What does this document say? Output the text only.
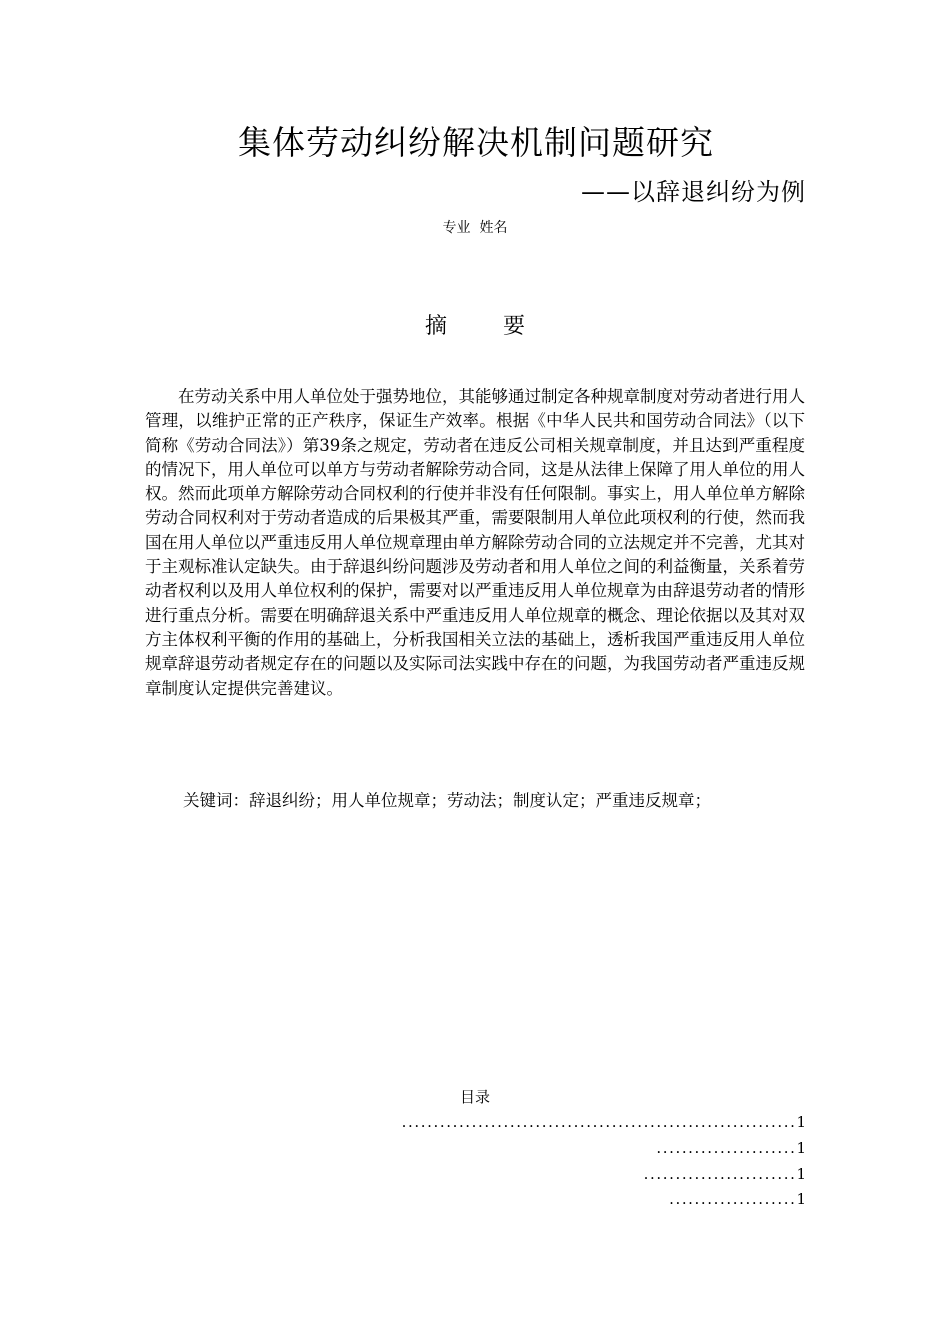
集体劳动纠纷解决机制问题研究
——以辞退纠纷为例
专业  姓名
摘  要

在劳动关系中用人单位处于强势地位，其能够通过制定各种规章制度对劳动者进行用人管理，以维护正常的正产秩序，保证生产效率。根据《中华人民共和国劳动合同法》（以下简称《劳动合同法》）第39条之规定，劳动者在违反公司相关规章制度，并且达到严重程度的情况下，用人单位可以单方与劳动者解除劳动合同，这是从法律上保障了用人单位的用人权。然而此项单方解除劳动合同权利的行使并非没有任何限制。事实上，用人单位单方解除劳动合同权利对于劳动者造成的后果极其严重，需要限制用人单位此项权利的行使，然而我国在用人单位以严重违反用人单位规章理由单方解除劳动合同的立法规定并不完善，尤其对于主观标准认定缺失。由于辞退纠纷问题涉及劳动者和用人单位之间的利益衡量，关系着劳动者权利以及用人单位权利的保护，需要对以严重违反用人单位规章为由辞退劳动者的情形进行重点分析。需要在明确辞退关系中严重违反用人单位规章的概念、理论依据以及其对双方主体权利平衡的作用的基础上，分析我国相关立法的基础上，透析我国严重违反用人单位规章辞退劳动者规定存在的问题以及实际司法实践中存在的问题，为我国劳动者严重违反规章制度认定提供完善建议。

关键词：辞退纠纷；用人单位规章；劳动法；制度认定；严重违反规章；
目录
..............................................................1
......................1
........................1
....................1
